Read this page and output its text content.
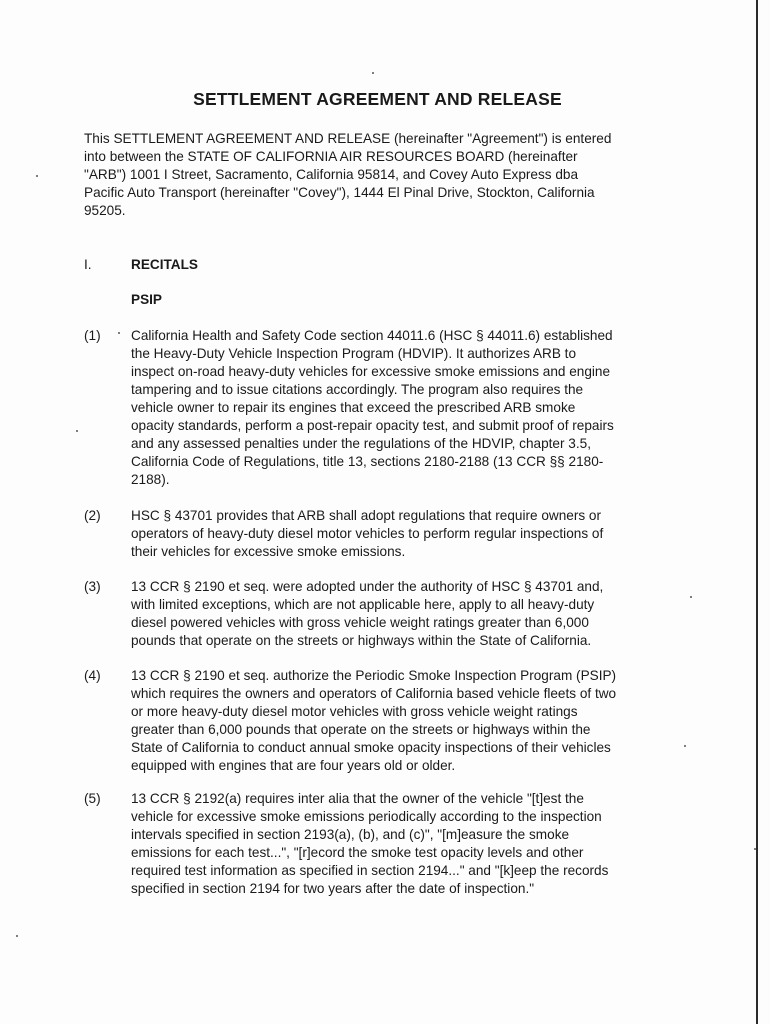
SETTLEMENT AGREEMENT AND RELEASE
This SETTLEMENT AGREEMENT AND RELEASE (hereinafter "Agreement") is entered
into between the STATE OF CALIFORNIA AIR RESOURCES BOARD (hereinafter
"ARB") 1001 I Street, Sacramento, California 95814, and Covey Auto Express dba
Pacific Auto Transport (hereinafter "Covey"), 1444 El Pinal Drive, Stockton, California
95205.
I.	RECITALS
PSIP
(1) California Health and Safety Code section 44011.6 (HSC § 44011.6) established
the Heavy-Duty Vehicle Inspection Program (HDVIP). It authorizes ARB to
inspect on-road heavy-duty vehicles for excessive smoke emissions and engine
tampering and to issue citations accordingly. The program also requires the
vehicle owner to repair its engines that exceed the prescribed ARB smoke
opacity standards, perform a post-repair opacity test, and submit proof of repairs
and any assessed penalties under the regulations of the HDVIP, chapter 3.5,
California Code of Regulations, title 13, sections 2180-2188 (13 CCR §§ 2180-
2188).
(2) HSC § 43701 provides that ARB shall adopt regulations that require owners or
operators of heavy-duty diesel motor vehicles to perform regular inspections of
their vehicles for excessive smoke emissions.
(3) 13 CCR § 2190 et seq. were adopted under the authority of HSC § 43701 and,
with limited exceptions, which are not applicable here, apply to all heavy-duty
diesel powered vehicles with gross vehicle weight ratings greater than 6,000
pounds that operate on the streets or highways within the State of California.
(4) 13 CCR § 2190 et seq. authorize the Periodic Smoke Inspection Program (PSIP)
which requires the owners and operators of California based vehicle fleets of two
or more heavy-duty diesel motor vehicles with gross vehicle weight ratings
greater than 6,000 pounds that operate on the streets or highways within the
State of California to conduct annual smoke opacity inspections of their vehicles
equipped with engines that are four years old or older.
(5) 13 CCR § 2192(a) requires inter alia that the owner of the vehicle "[t]est the
vehicle for excessive smoke emissions periodically according to the inspection
intervals specified in section 2193(a), (b), and (c)", "[m]easure the smoke
emissions for each test...", "[r]ecord the smoke test opacity levels and other
required test information as specified in section 2194..." and "[k]eep the records
specified in section 2194 for two years after the date of inspection."
